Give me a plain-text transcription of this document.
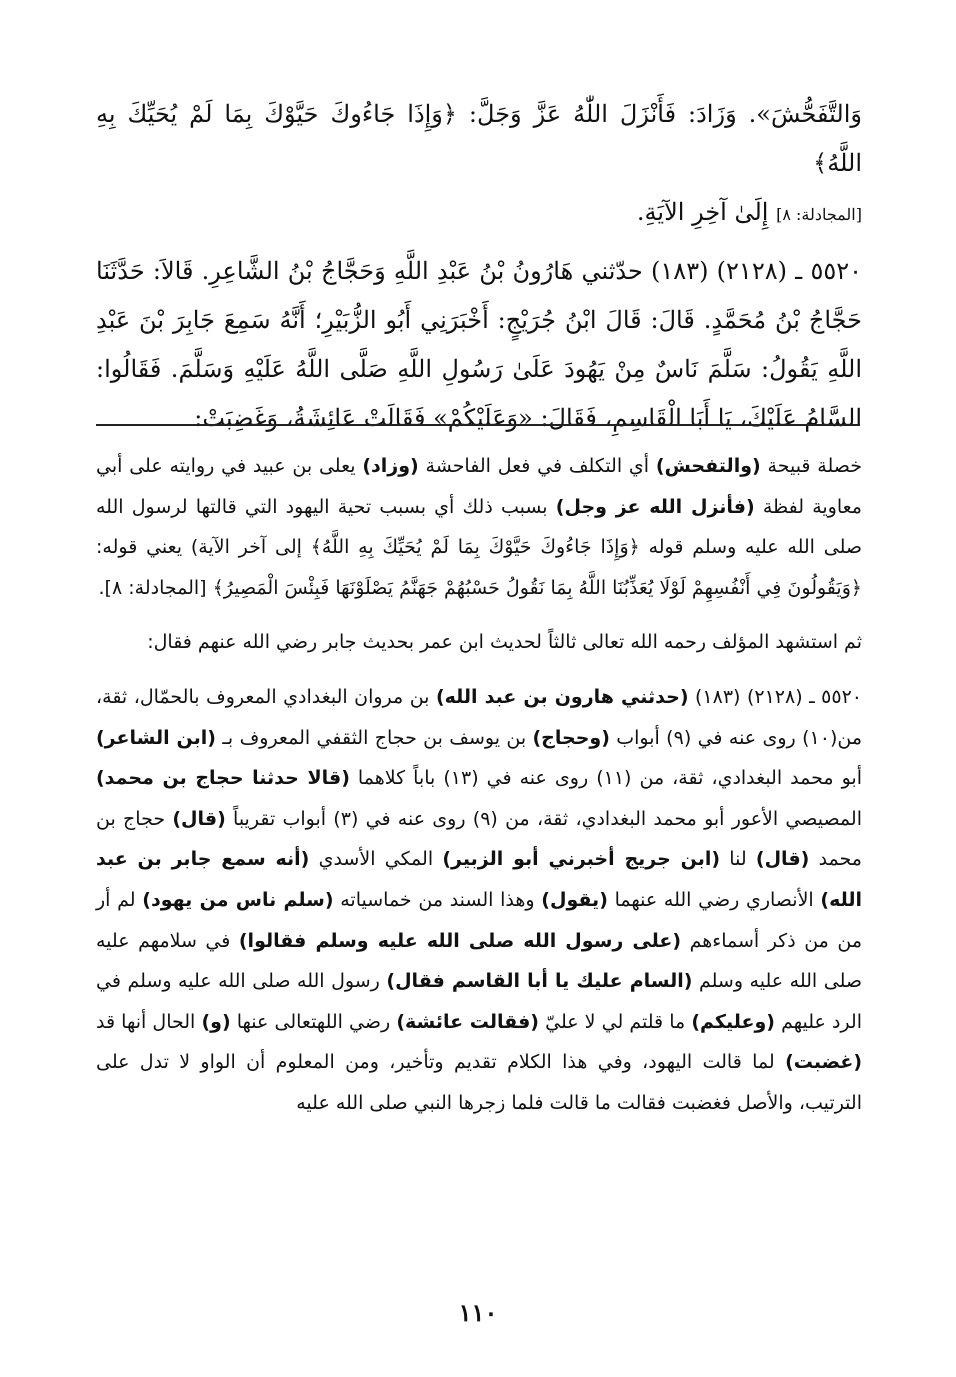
وَالتَّفَحُّشَ». وَزَادَ: فَأَنْزَلَ اللّٰهُ عَزَّ وَجَلَّ: ﴿وَإِذَا جَاءُوكَ حَيَّوْكَ بِمَا لَمْ يُحَيِّكَ بِهِ اللَّهُ﴾

[المجادلة: ٨] إِلَىٰ آخِرِ الآيَةِ.

٥٥٢٠ ـ (٢١٢٨) (١٨٣) حدّثني هَارُونُ بْنُ عَبْدِ اللَّهِ وَحَجَّاجُ بْنُ الشَّاعِرِ. قَالاَ: حَدَّثَنَا حَجَّاجُ بْنُ مُحَمَّدٍ. قَالَ: قَالَ ابْنُ جُرَيْجٍ: أَخْبَرَنِي أَبُو الزُّبَيْرِ؛ أَنَّهُ سَمِعَ جَابِرَ بْنَ عَبْدِ اللَّهِ يَقُولُ: سَلَّمَ نَاسٌ مِنْ يَهُودَ عَلَىٰ رَسُولِ اللَّهِ صَلَّى اللَّهُ عَلَيْهِ وَسَلَّمَ. فَقَالُوا: السَّامُ عَلَيْكَ، يَا أَبَا الْقَاسِمِ، فَقَالَ: «وَعَلَيْكُمْ» فَقَالَتْ عَائِشَةُ، وَغَضِبَتْ:

خصلة قبيحة (والتفحش) أي التكلف في فعل الفاحشة (وزاد) يعلى بن عبيد في روايته على أبي معاوية لفظة (فأنزل الله عز وجل) بسبب ذلك أي بسبب تحية اليهود التي قالتها لرسول الله صلى الله عليه وسلم قوله ﴿وَإِذَا جَاءُوكَ حَيَّوْكَ بِمَا لَمْ يُحَيِّكَ بِهِ اللَّهُ﴾ إلى آخر الآية) يعني قوله: ﴿وَيَقُولُونَ فِي أَنْفُسِهِمْ لَوْلَا يُعَذِّبُنَا اللَّهُ بِمَا نَقُولُ حَسْبُهُمْ جَهَنَّمُ يَصْلَوْنَهَا فَبِئْسَ الْمَصِيرُ﴾ [المجادلة: ٨].

ثم استشهد المؤلف رحمه الله تعالى ثالثاً لحديث ابن عمر بحديث جابر رضي الله عنهم فقال:

٥٥٢٠ ـ (٢١٢٨) (١٨٣) (حدثني هارون بن عبد الله) بن مروان البغدادي المعروف بالحمّال، ثقة، من(١٠) روى عنه في (٩) أبواب (وحجاج) بن يوسف بن حجاج الثقفي المعروف بـ (ابن الشاعر) أبو محمد البغدادي، ثقة، من (١١) روى عنه في (١٣) باباً كلاهما (قالا حدثنا حجاج بن محمد) المصيصي الأعور أبو محمد البغدادي، ثقة، من (٩) روى عنه في (٣) أبواب تقريباً (قال) حجاج بن محمد (قال) لنا (ابن جريج أخبرني أبو الزبير) المكي الأسدي (أنه سمع جابر بن عبد الله) الأنصاري رضي الله عنهما (يقول) وهذا السند من خماسياته (سلم ناس من يهود) لم أر من من ذكر أسماءهم (على رسول الله صلى الله عليه وسلم فقالوا) في سلامهم عليه صلى الله عليه وسلم (السام عليك يا أبا القاسم فقال) رسول الله صلى الله عليه وسلم في الرد عليهم (وعليكم) ما قلتم لي لا عليّ (فقالت عائشة) رضي اللهتعالى عنها (و) الحال أنها قد (غضبت) لما قالت اليهود، وفي هذا الكلام تقديم وتأخير، ومن المعلوم أن الواو لا تدل على الترتيب، والأصل فغضبت فقالت ما قالت فلما زجرها النبي صلى الله عليه

١١٠
